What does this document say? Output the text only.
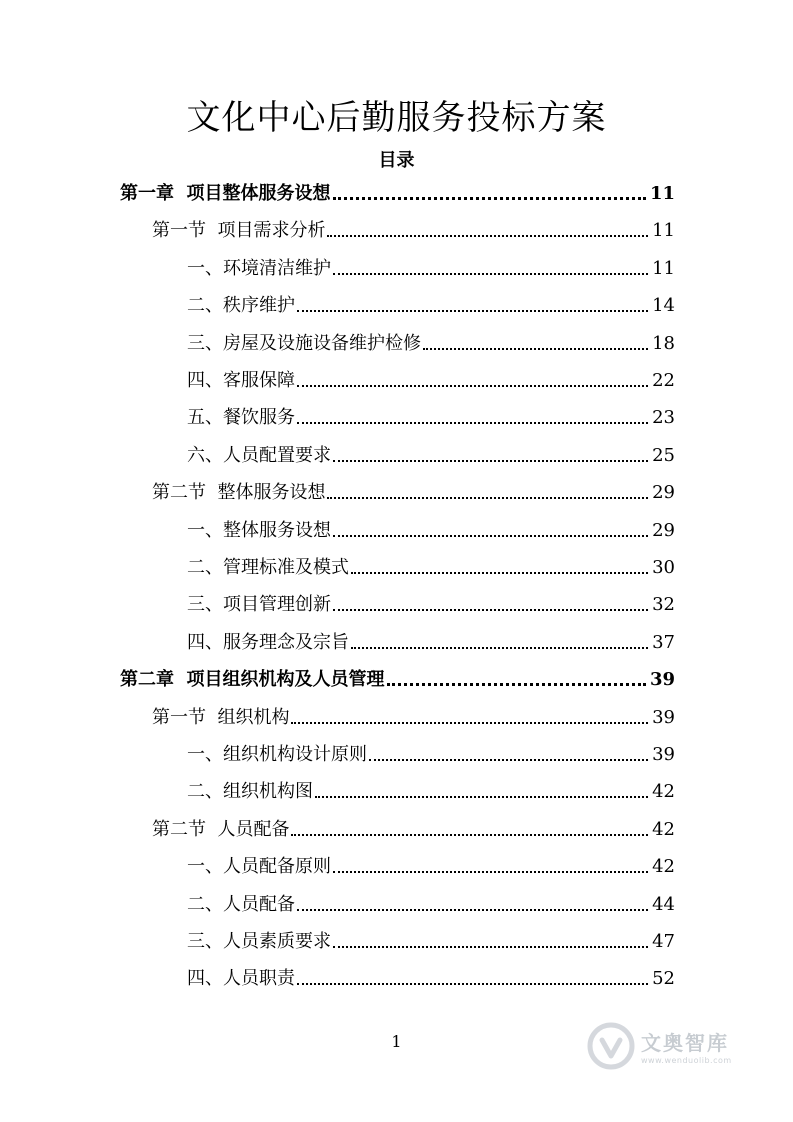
文化中心后勤服务投标方案
目录
第一章  项目整体服务设想	11
第一节  项目需求分析	11
一、环境清洁维护	11
二、秩序维护	14
三、房屋及设施设备维护检修	18
四、客服保障	22
五、餐饮服务	23
六、人员配置要求	25
第二节  整体服务设想	29
一、整体服务设想	29
二、管理标准及模式	30
三、项目管理创新	32
四、服务理念及宗旨	37
第二章  项目组织机构及人员管理	39
第一节  组织机构	39
一、组织机构设计原则	39
二、组织机构图	42
第二节  人员配备	42
一、人员配备原则	42
二、人员配备	44
三、人员素质要求	47
四、人员职责	52
1	文奥智库
www.wenduolib.com
